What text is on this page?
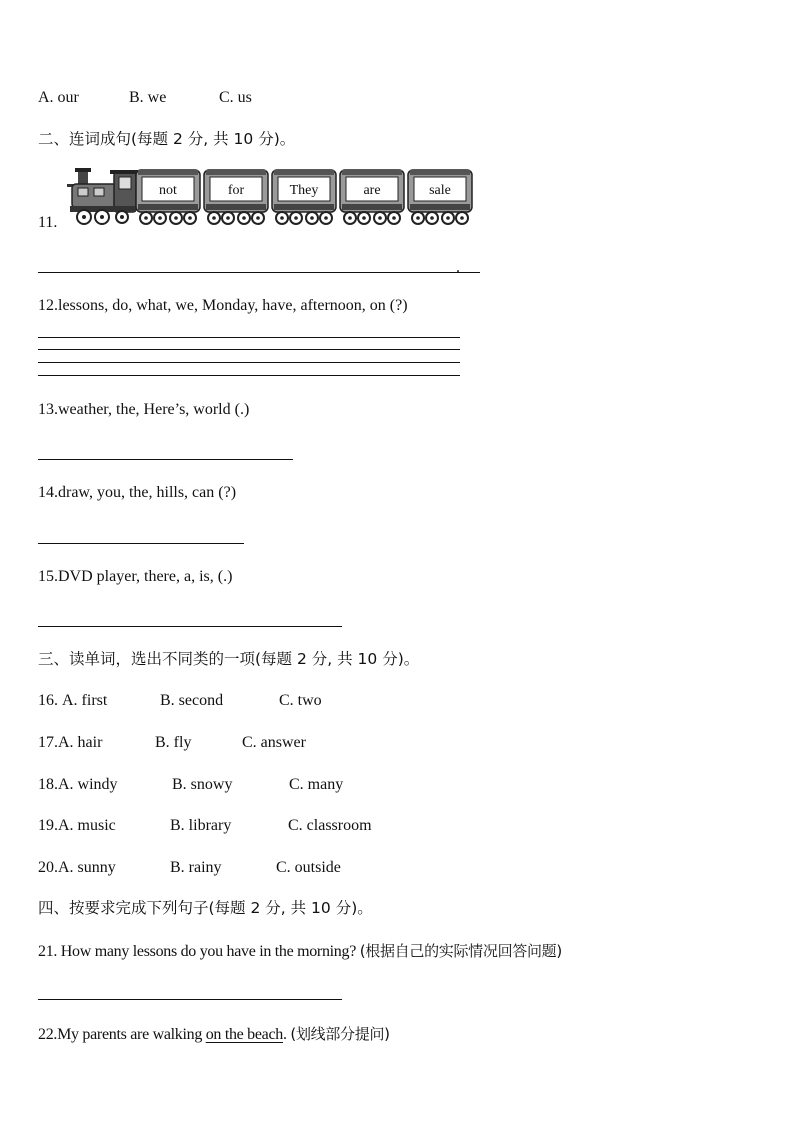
A. our	B. we	C. us
二、连词成句(每题 2 分, 共 10 分)。
11.
not	for	They	are	sale
.
12.lessons, do, what, we, Monday, have, afternoon, on (?)
13.weather, the, Here’s, world (.)
14.draw, you, the, hills, can (?)
15.DVD player, there, a, is, (.)
三、读单词，选出不同类的一项(每题 2 分, 共 10 分)。
16. A. first	B. second	C. two
17.A. hair	B. fly	C. answer
18.A. windy	B. snowy	C. many
19.A. music	B. library	C. classroom
20.A. sunny	B. rainy	C. outside
四、按要求完成下列句子(每题 2 分, 共 10 分)。
21. How many lessons do you have in the morning? (根据自己的实际情况回答问题)
22.My parents are walking on the beach. (划线部分提问)
